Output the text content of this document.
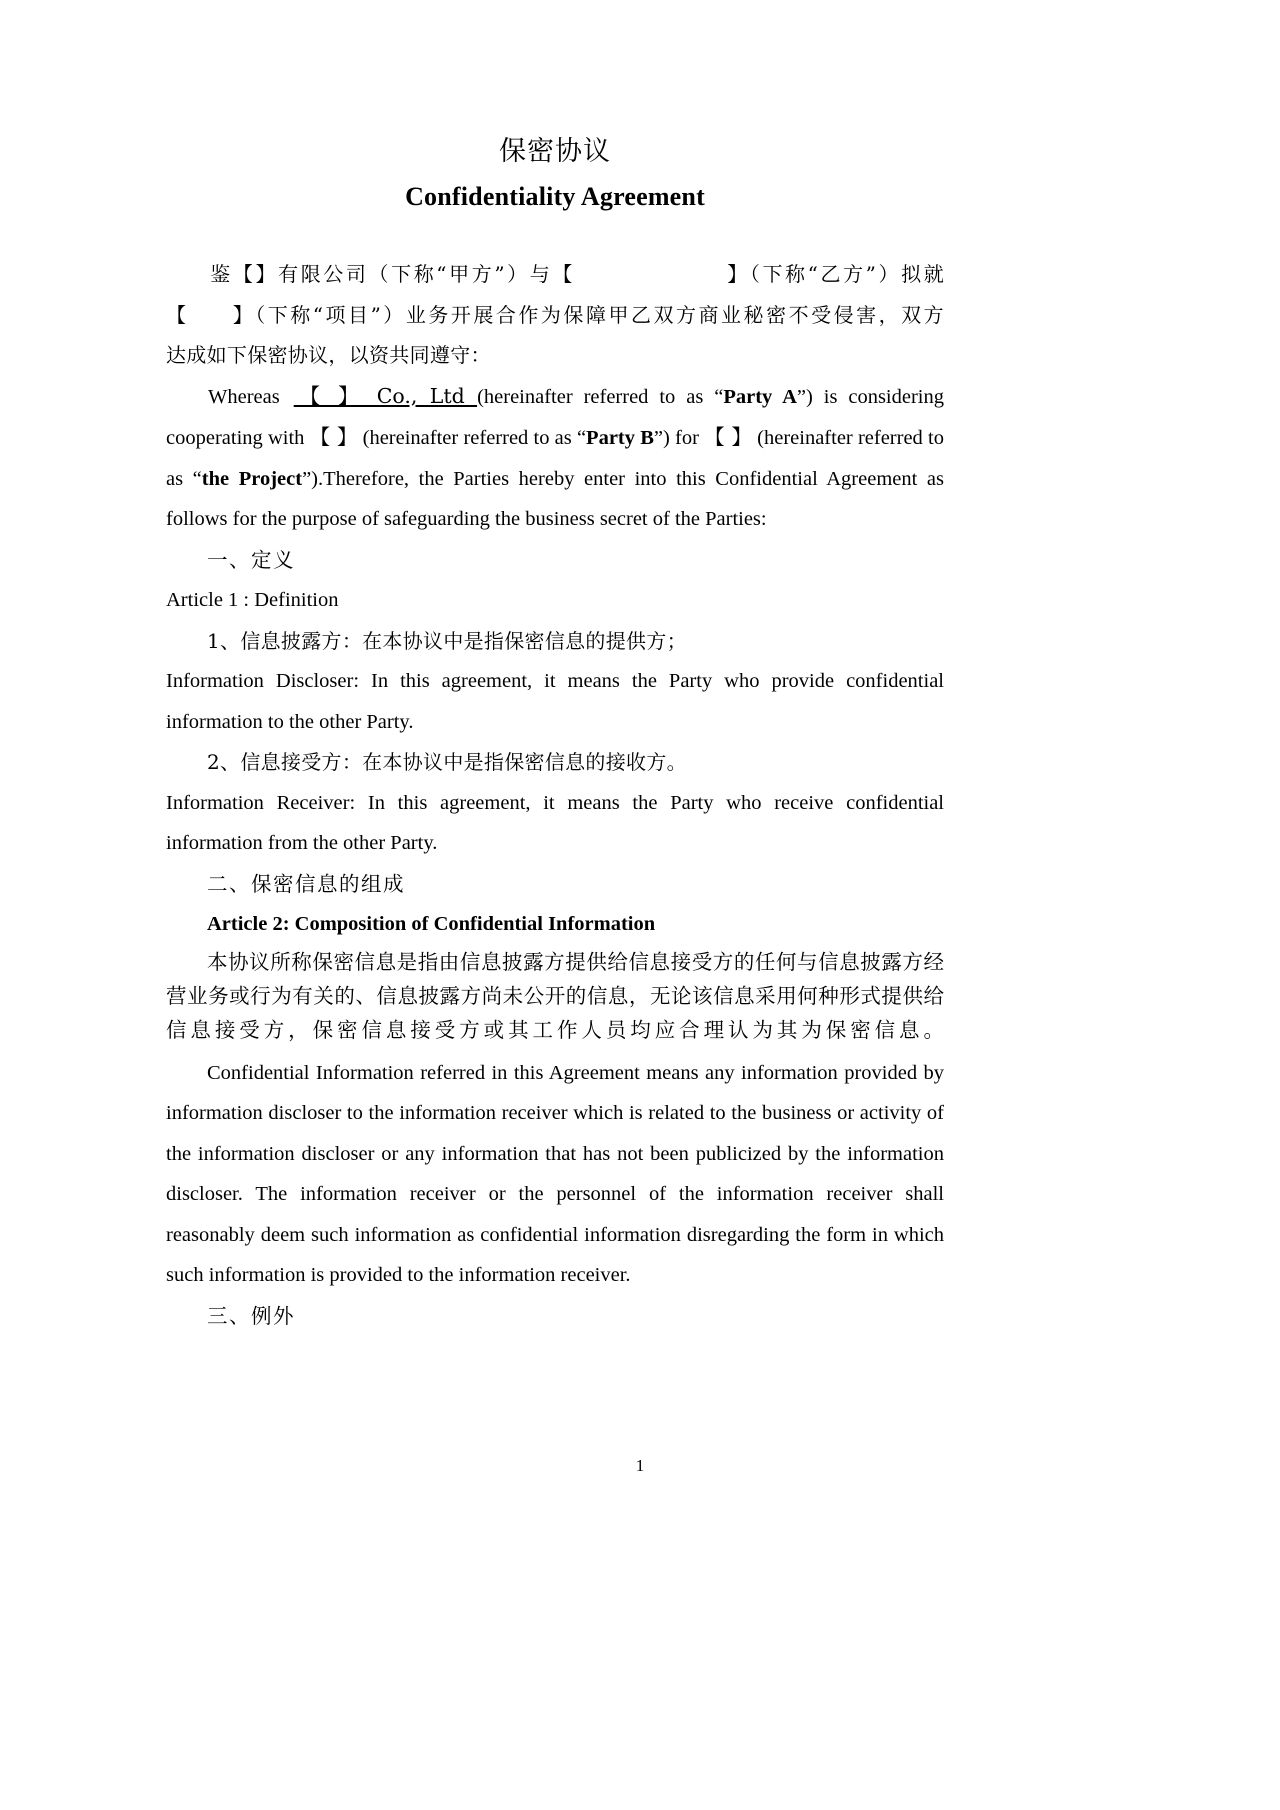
保密协议
Confidentiality Agreement

鉴【】有限公司（下称“甲方”）与【	】（下称“乙方”）拟就

【 】（下称“项目”）业务开展合作为保障甲乙双方商业秘密不受侵害，双方

达成如下保密协议，以资共同遵守：

Whereas 【 】 Co., Ltd (hereinafter referred to as “Party A”) is considering cooperating with 【 】 (hereinafter referred to as “Party B”) for 【 】 (hereinafter referred to as “the Project”).Therefore, the Parties hereby enter into this Confidential Agreement as follows for the purpose of safeguarding the business secret of the Parties:

一、定义

Article 1 : Definition

1、信息披露方：在本协议中是指保密信息的提供方；

Information Discloser: In this agreement, it means the Party who provide confidential information to the other Party.

2、信息接受方：在本协议中是指保密信息的接收方。

Information Receiver: In this agreement, it means the Party who receive confidential information from the other Party.

二、保密信息的组成

Article 2: Composition of Confidential Information

本协议所称保密信息是指由信息披露方提供给信息接受方的任何与信息披露方经营业务或行为有关的、信息披露方尚未公开的信息，无论该信息采用何种形式提供给信息接受方，保密信息接受方或其工作人员均应合理认为其为保密信息。

Confidential Information referred in this Agreement means any information provided by information discloser to the information receiver which is related to the business or activity of the information discloser or any information that has not been publicized by the information discloser. The information receiver or the personnel of the information receiver shall reasonably deem such information as confidential information disregarding the form in which such information is provided to the information receiver.

三、例外

1
